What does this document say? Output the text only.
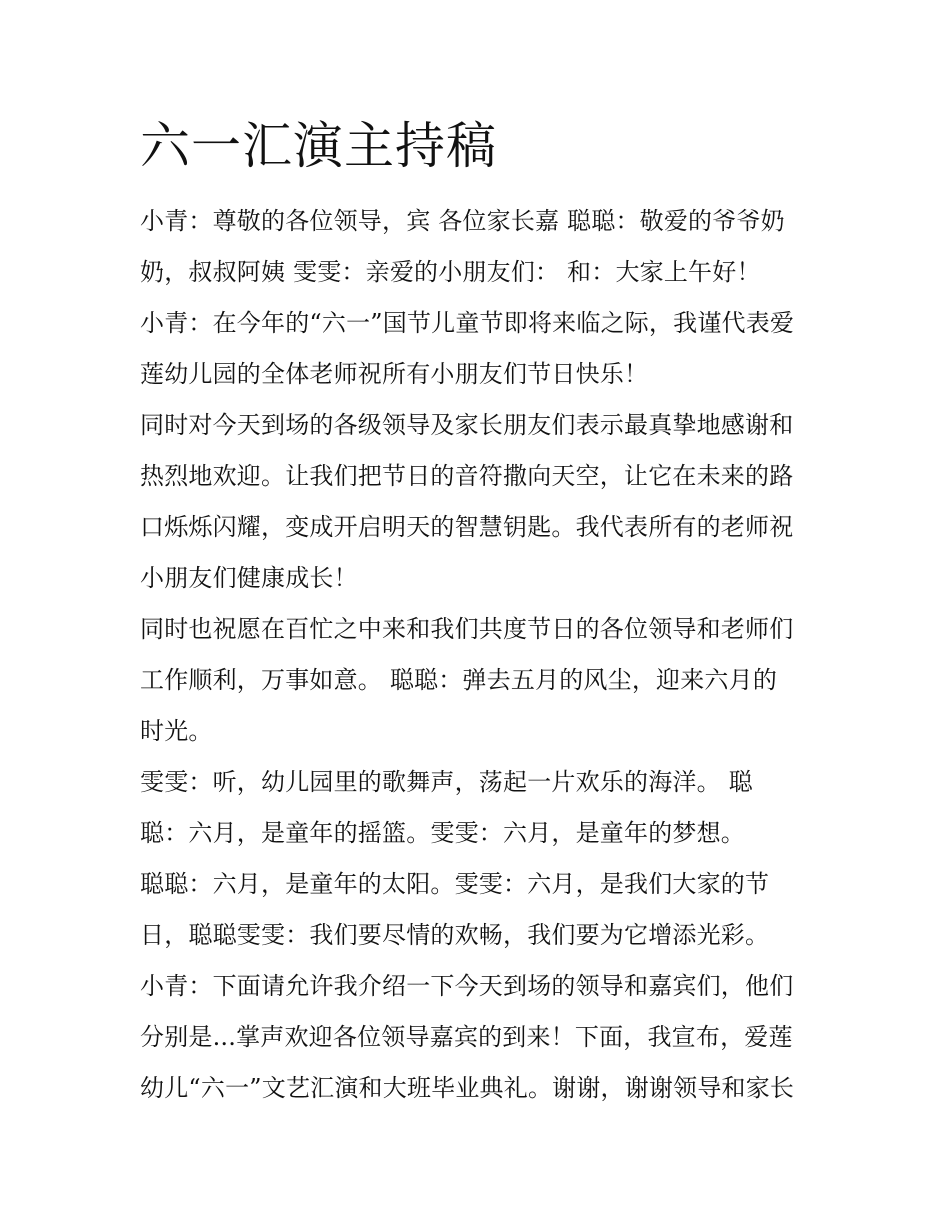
六一汇演主持稿
小青：尊敬的各位领导，宾 各位家长嘉 聪聪：敬爱的爷爷奶
奶，叔叔阿姨 雯雯：亲爱的小朋友们： 和：大家上午好！
小青：在今年的“六一”国节儿童节即将来临之际，我谨代表爱
莲幼儿园的全体老师祝所有小朋友们节日快乐！
同时对今天到场的各级领导及家长朋友们表示最真挚地感谢和
热烈地欢迎。让我们把节日的音符撒向天空，让它在未来的路
口烁烁闪耀，变成开启明天的智慧钥匙。我代表所有的老师祝
小朋友们健康成长！
同时也祝愿在百忙之中来和我们共度节日的各位领导和老师们
工作顺利，万事如意。 聪聪：弹去五月的风尘，迎来六月的
时光。
雯雯：听，幼儿园里的歌舞声，荡起一片欢乐的海洋。 聪
聪：六月，是童年的摇篮。雯雯：六月，是童年的梦想。
聪聪：六月，是童年的太阳。雯雯：六月，是我们大家的节
日，聪聪雯雯：我们要尽情的欢畅，我们要为它增添光彩。
小青：下面请允许我介绍一下今天到场的领导和嘉宾们，他们
分别是...掌声欢迎各位领导嘉宾的到来！下面，我宣布，爱莲
幼儿“六一”文艺汇演和大班毕业典礼。谢谢，谢谢领导和家长
